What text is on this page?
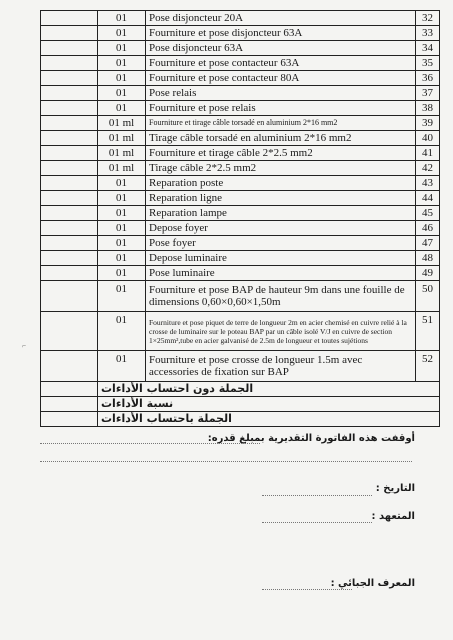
	01	Pose disjoncteur 20A	32
	01	Fourniture et pose disjoncteur 63A	33
	01	Pose disjoncteur 63A	34
	01	Fourniture et pose contacteur 63A	35
	01	Fourniture et pose contacteur 80A	36
	01	Pose relais	37
	01	Fourniture et pose relais	38
	01 ml	Fourniture et tirage câble torsadé en aluminium 2*16 mm2	39
	01 ml	Tirage câble torsadé en aluminium 2*16 mm2	40
	01 ml	Fourniture et tirage câble 2*2.5 mm2	41
	01 ml	Tirage câble 2*2.5 mm2	42
	01	Reparation poste	43
	01	Reparation ligne	44
	01	Reparation lampe	45
	01	Depose foyer	46
	01	Pose foyer	47
	01	Depose luminaire	48
	01	Pose luminaire	49
	01	Fourniture et pose BAP de hauteur 9m dans une fouille de dimensions 0,60×0,60×1,50m	50
	01	Fourniture et pose piquet de terre de longueur 2m en acier chemisé en cuivre relié à la crosse de luminaire sur le poteau BAP par un câble isolé V/J en cuivre de section 1×25mm²,tube en acier galvanisé de 2.5m de longueur et toutes sujétions	51
	01	Fourniture et pose crosse de longueur 1.5m avec accessories de fixation sur BAP	52
	الجملة دون احتساب الأداءات		
	نسبة الأداءات		
	الجملة باحتساب الأداءات		
⌐
أوقفت هذه الفاتورة التقديرية بمبلغ قدره:
التاريخ :
المتعهد :
المعرف الجبائي :
